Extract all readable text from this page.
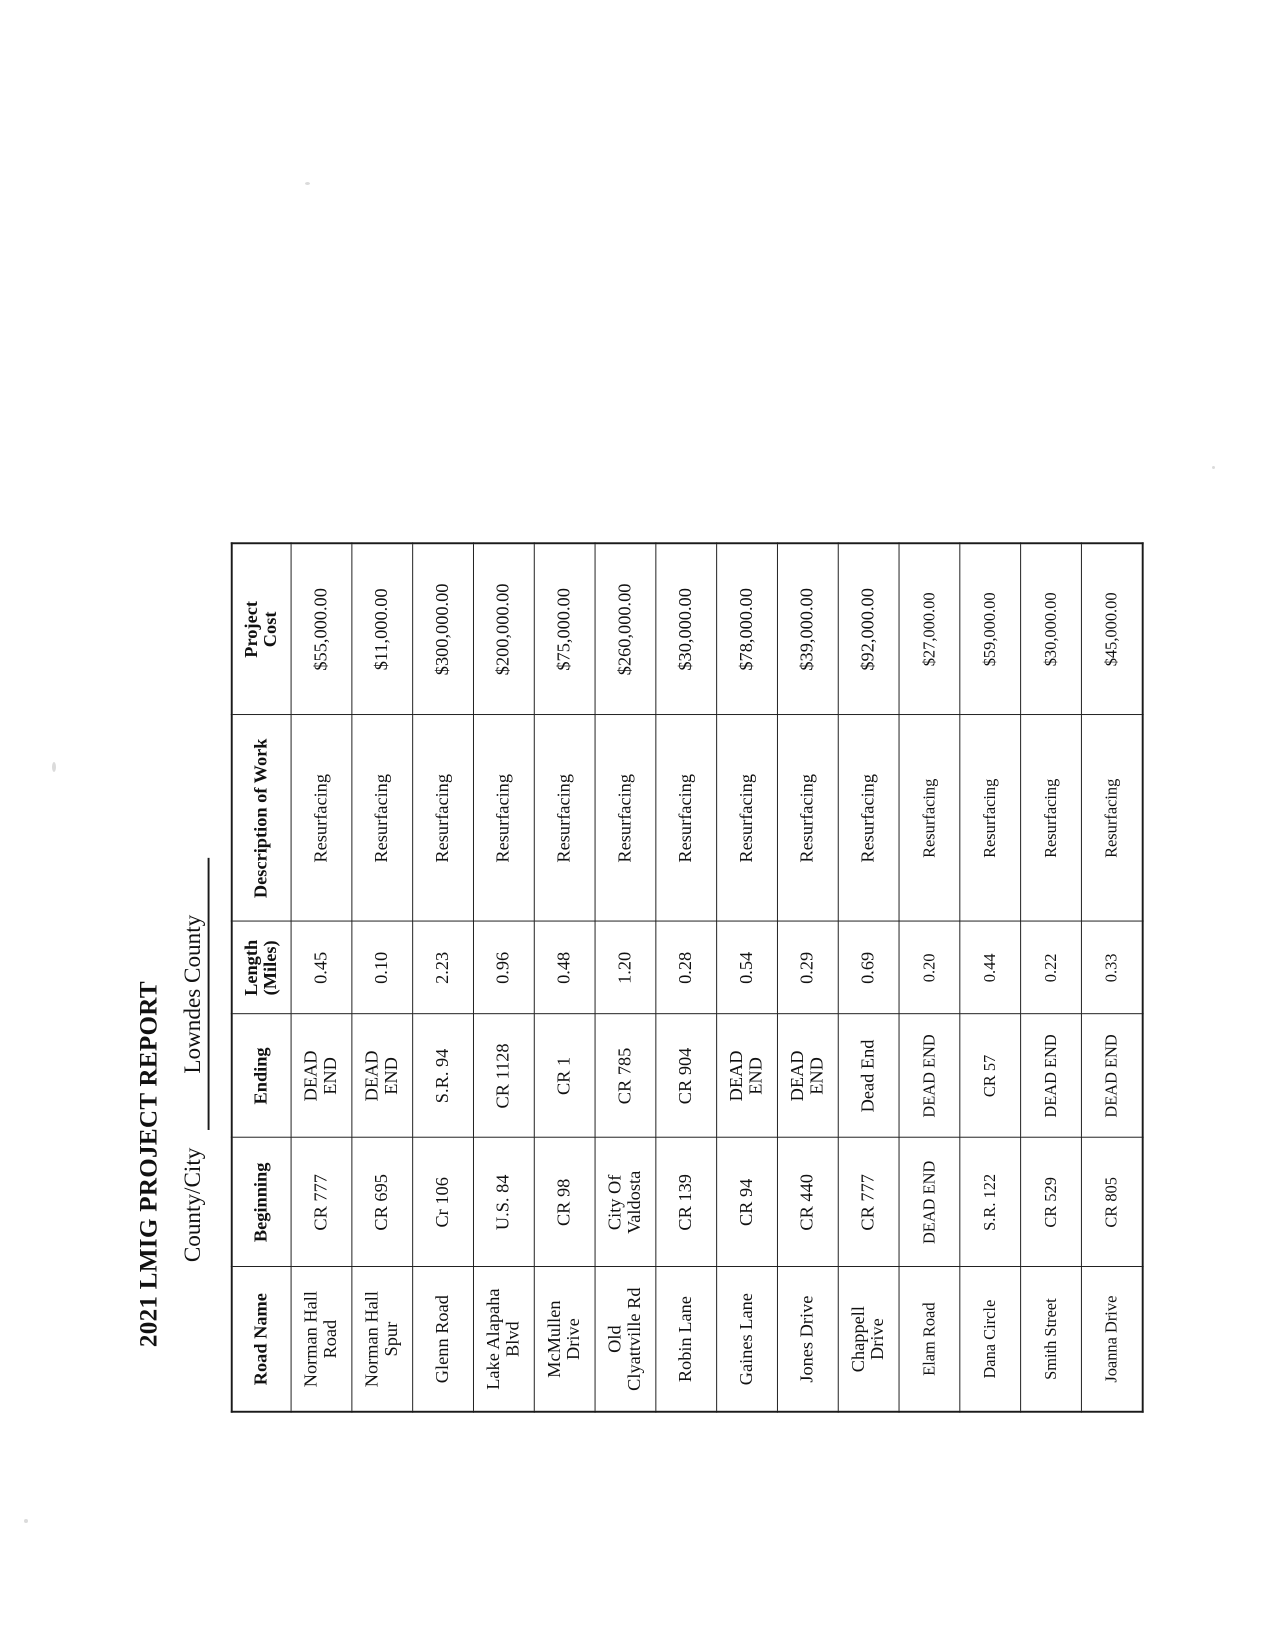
2021 LMIG PROJECT REPORT County/City Lowndes County
Road Name	Beginning	Ending	Length
(Miles)	Description of Work	Project
Cost

Norman Hall
Road	CR 777	DEAD
END	0.45	Resurfacing	$55,000.00

Norman Hall
Spur	CR 695	DEAD
END	0.10	Resurfacing	$11,000.00

Glenn Road	Cr 106	S.R. 94	2.23	Resurfacing	$300,000.00

Lake Alapaha
Blvd	U.S. 84	CR 1128	0.96	Resurfacing	$200,000.00

McMullen
Drive	CR 98	CR 1	0.48	Resurfacing	$75,000.00

Old
Clyattville Rd	City Of
Valdosta	CR 785	1.20	Resurfacing	$260,000.00

Robin Lane	CR 139	CR 904	0.28	Resurfacing	$30,000.00

Gaines Lane	CR 94	DEAD
END	0.54	Resurfacing	$78,000.00

Jones Drive	CR 440	DEAD
END	0.29	Resurfacing	$39,000.00

Chappell
Drive	CR 777	Dead End	0.69	Resurfacing	$92,000.00

Elam Road	DEAD END	DEAD END	0.20	Resurfacing	$27,000.00

Dana Circle	S.R. 122	CR 57	0.44	Resurfacing	$59,000.00

Smith Street	CR 529	DEAD END	0.22	Resurfacing	$30,000.00

Joanna Drive	CR 805	DEAD END	0.33	Resurfacing	$45,000.00
